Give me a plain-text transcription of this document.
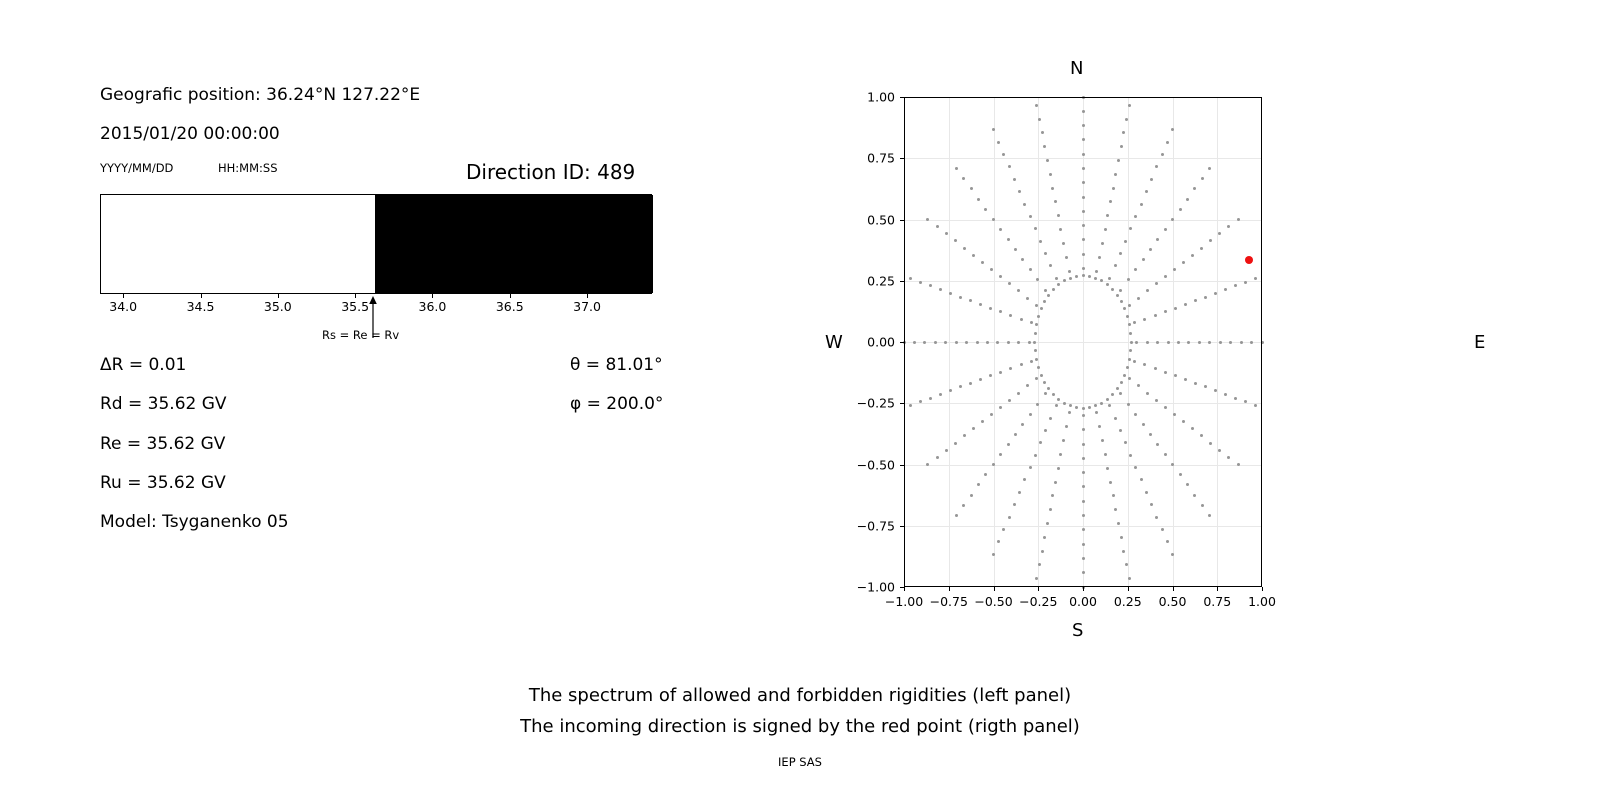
Geografic position: 36.24°N 127.22°E
2015/01/20 00:00:00
YYYY/MM/DD	HH:MM:SS	Direction ID: 489
34.0	34.5	35.0	35.5	36.0	36.5	37.0
Rs = Re = Rv
ΔR = 0.01
Rd = 35.62 GV
Re = 35.62 GV
Ru = 35.62 GV
Model: Tsyganenko 05
θ = 81.01°
φ = 200.0°
N
S
W	E
−1.00
−0.75
−0.50
−0.25
0.00
0.25
0.50
0.75
1.00
−1.00 −0.75 −0.50 −0.25 0.00 0.25 0.50 0.75 1.00
The spectrum of allowed and forbidden rigidities (left panel)
The incoming direction is signed by the red point (rigth panel)
IEP SAS
